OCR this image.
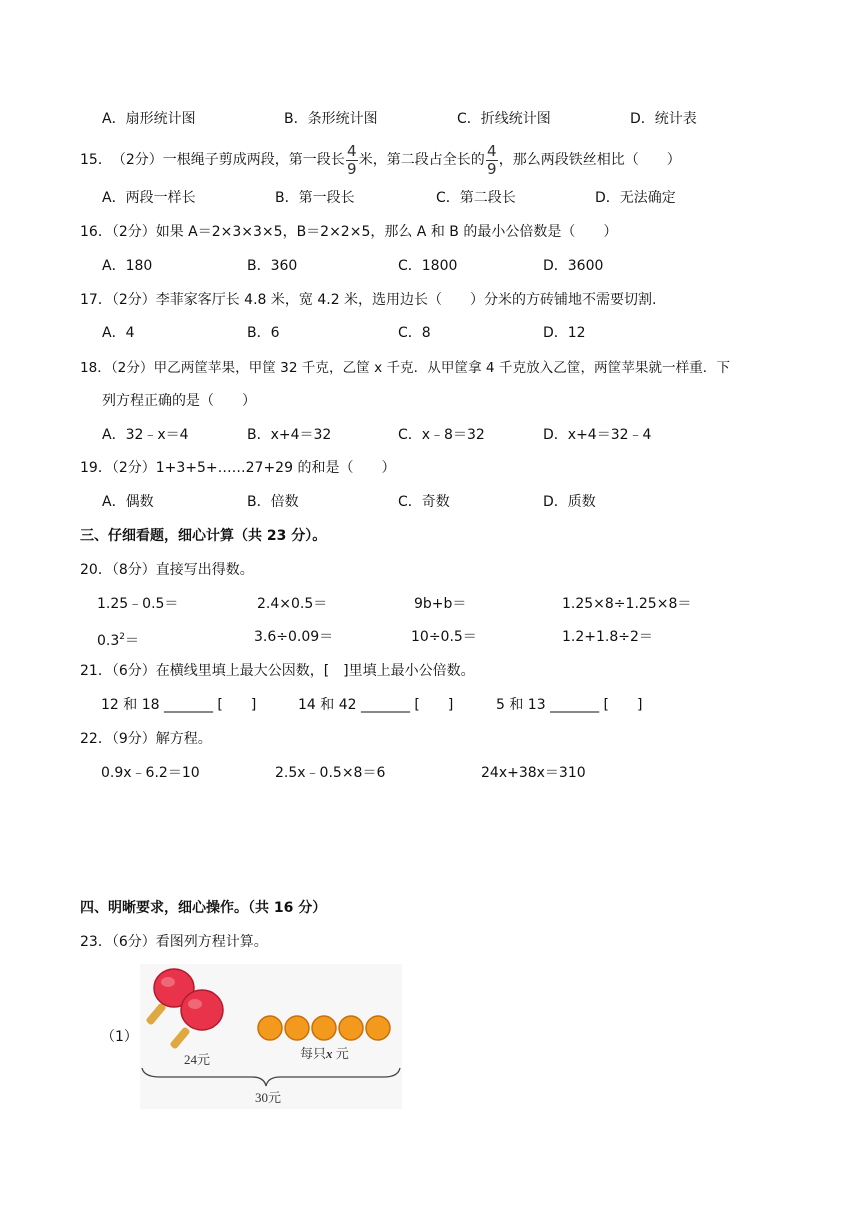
A．扇形统计图	B．条形统计图	C．折线统计图	D．统计表
15． （2分）一根绳子剪成两段，第一段长 $\frac{4}{9}$ 米，第二段占全长的 $\frac{4}{9}$ ，那么两段铁丝相比（　　）
A．两段一样长	B．第一段长	C．第二段长	D．无法确定
16．（2分）如果 A＝2×3×3×5，B＝2×2×5，那么 A 和 B 的最小公倍数是（　　）
A．180	B．360	C．1800	D．3600
17．（2分）李菲家客厅长 4.8 米，宽 4.2 米，选用边长（　　）分米的方砖铺地不需要切割.
A．4	B．6	C．8	D．12
18．（2分）甲乙两筐苹果，甲筐 32 千克，乙筐 x 千克．从甲筐拿 4 千克放入乙筐，两筐苹果就一样重．下
列方程正确的是（　　）
A．32﹣x＝4	B．x+4＝32	C．x﹣8＝32	D．x+4＝32﹣4
19．（2分）1+3+5+……27+29 的和是（　　）
A．偶数	B．倍数	C．奇数	D．质数
三、仔细看题，细心计算（共 23 分）。
20．（8分）直接写出得数。
1.25﹣0.5＝	2.4×0.5＝	9b+b＝	1.25×8÷1.25×8＝
$0.3^2=$	3.6÷0.09＝	10÷0.5＝	1.2+1.8÷2＝
21．（6分）在横线里填上最大公因数，[　]里填上最小公倍数。
12 和 18 _______ [　　]	14 和 42 _______ [　　]	5 和 13 _______ [　　]
22．（9分）解方程。
0.9x﹣6.2＝10	2.5x﹣0.5×8＝6	24x+38x＝310
四、明晰要求，细心操作。（共 16 分）
23．（6分）看图列方程计算。
（1）
24元	每只x 元
30元
